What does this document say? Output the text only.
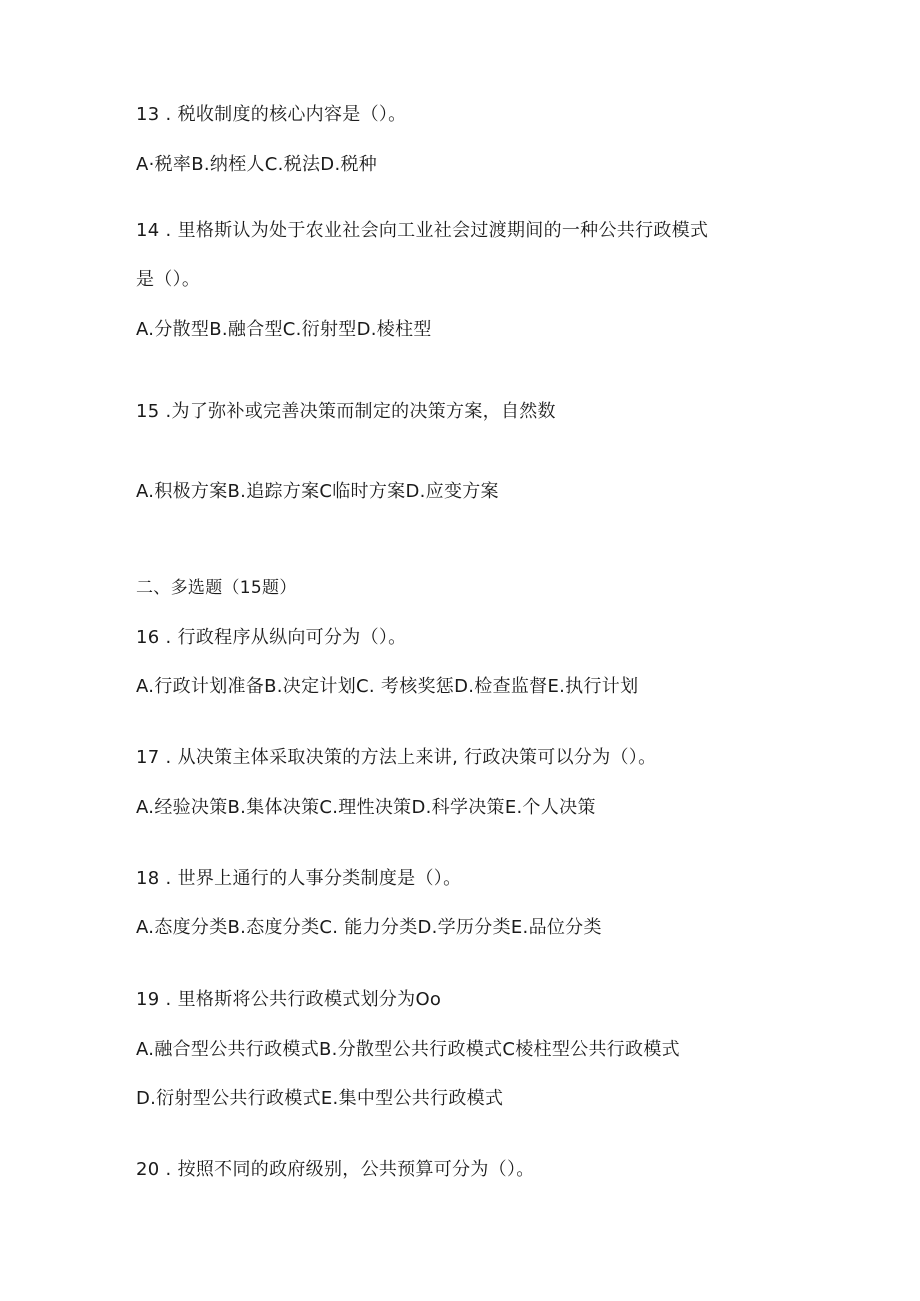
13 . 税收制度的核心内容是（）。
A·税率B.纳桎人C.税法D.税种
14 . 里格斯认为处于农业社会向工业社会过渡期间的一种公共行政模式
是（）。
A.分散型B.融合型C.衍射型D.棱柱型
15 .为了弥补或完善决策而制定的决策方案，自然数
A.积极方案B.追踪方案C临时方案D.应变方案
二、多选题（15题）
16 . 行政程序从纵向可分为（）。
A.行政计划准备B.决定计划C. 考核奖惩D.检查监督E.执行计划
17 . 从决策主体采取决策的方法上来讲, 行政决策可以分为（）。
A.经验决策B.集体决策C.理性决策D.科学决策E.个人决策
18 . 世界上通行的人事分类制度是（）。
A.态度分类B.态度分类C. 能力分类D.学历分类E.品位分类
19 . 里格斯将公共行政模式划分为Oo
A.融合型公共行政模式B.分散型公共行政模式C棱柱型公共行政模式
D.衍射型公共行政模式E.集中型公共行政模式
20 . 按照不同的政府级别，公共预算可分为（）。
